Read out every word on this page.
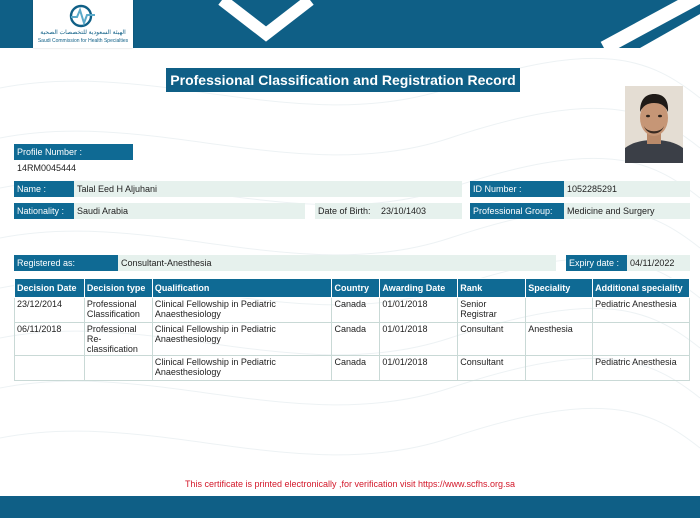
الهيئة السعودية للتخصصات الصحية
Saudi Commission for Health Specialties
Professional Classification and Registration Record
Profile Number :
14RM0045444
Name :	Talal Eed H Aljuhani	ID Number :	1052285291
Nationality :	Saudi Arabia	Date of Birth:	23/10/1403	Professional Group:	Medicine and Surgery
Registered as:	Consultant-Anesthesia	Expiry date :	04/11/2022
Decision Date	Decision type	Qualification	Country	Awarding Date	Rank	Speciality	Additional speciality
23/12/2014	Professional Classification	Clinical Fellowship in Pediatric Anaesthesiology	Canada	01/01/2018	Senior Registrar		Pediatric Anesthesia
06/11/2018	Professional Re-classification	Clinical Fellowship in Pediatric Anaesthesiology	Canada	01/01/2018	Consultant	Anesthesia	
		Clinical Fellowship in Pediatric Anaesthesiology	Canada	01/01/2018	Consultant		Pediatric Anesthesia
This certificate is printed electronically ,for verification visit https://www.scfhs.org.sa
